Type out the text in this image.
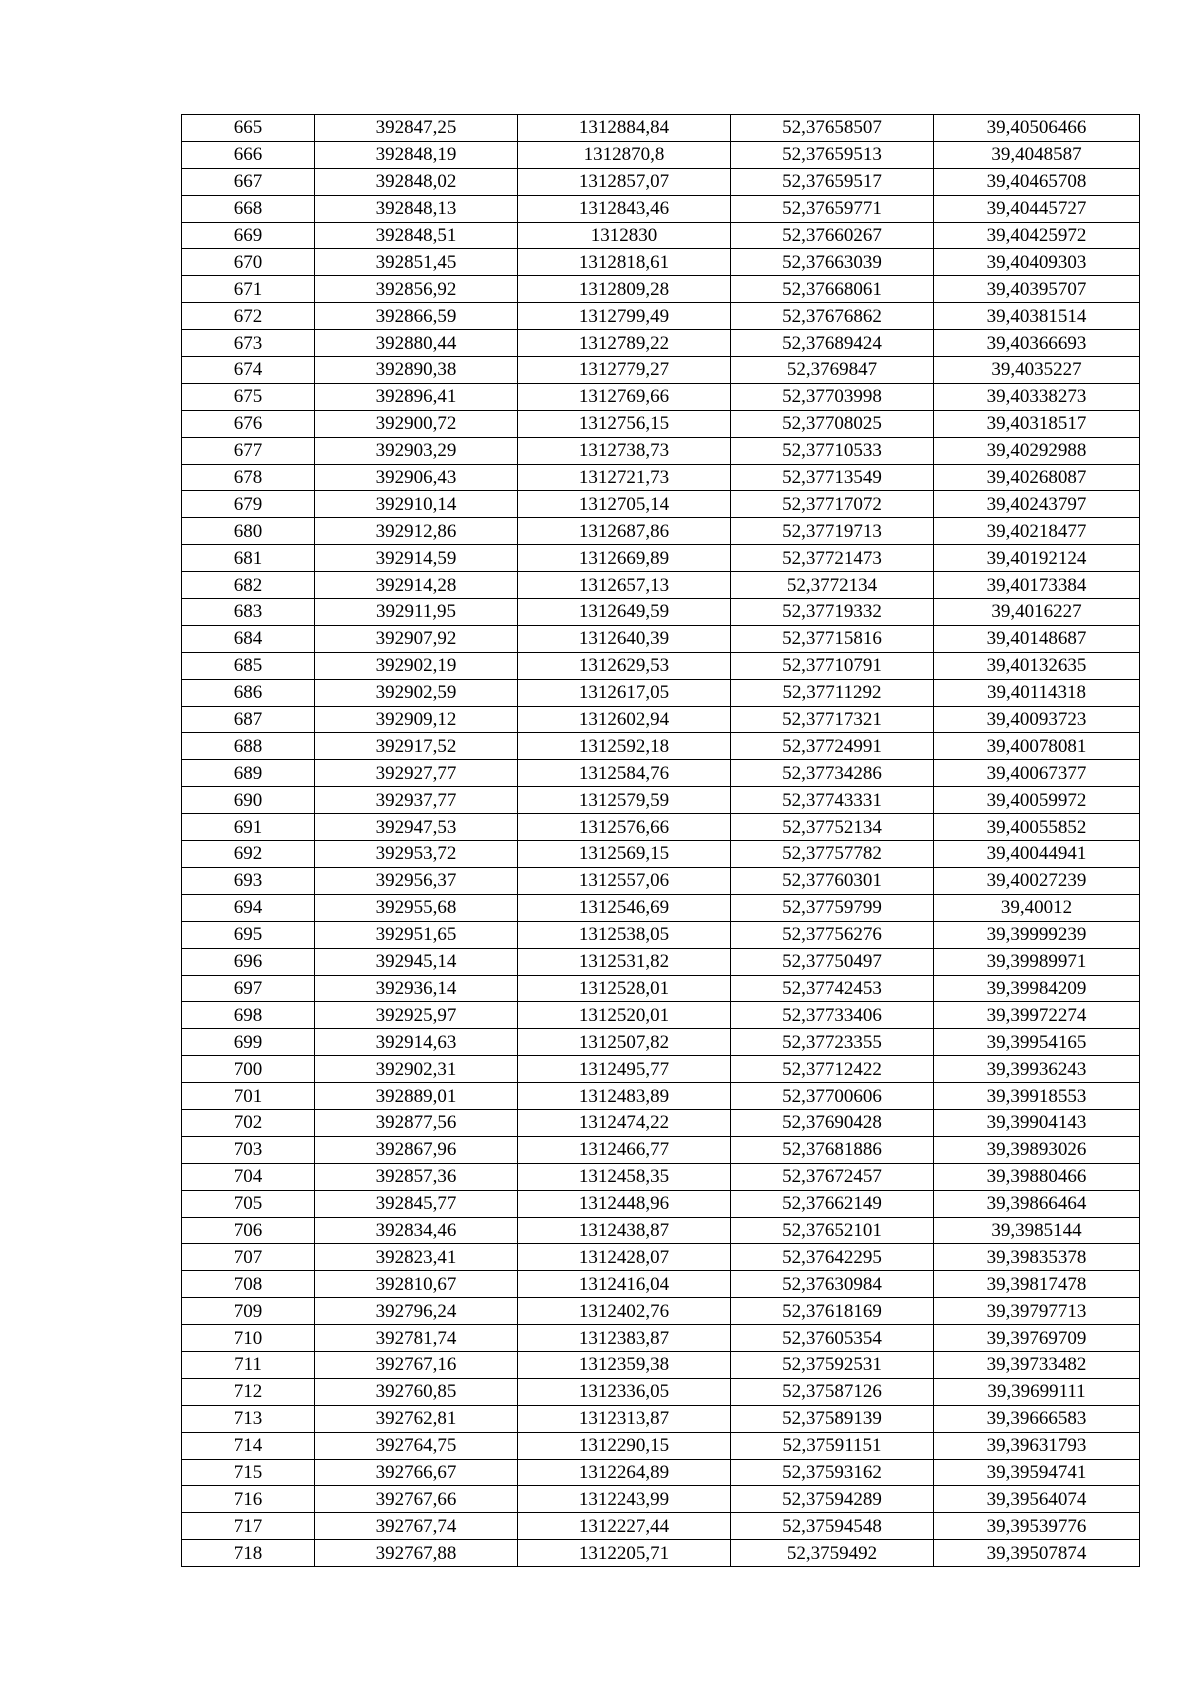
665	392847,25	1312884,84	52,37658507	39,40506466
666	392848,19	1312870,8	52,37659513	39,4048587
667	392848,02	1312857,07	52,37659517	39,40465708
668	392848,13	1312843,46	52,37659771	39,40445727
669	392848,51	1312830	52,37660267	39,40425972
670	392851,45	1312818,61	52,37663039	39,40409303
671	392856,92	1312809,28	52,37668061	39,40395707
672	392866,59	1312799,49	52,37676862	39,40381514
673	392880,44	1312789,22	52,37689424	39,40366693
674	392890,38	1312779,27	52,3769847	39,4035227
675	392896,41	1312769,66	52,37703998	39,40338273
676	392900,72	1312756,15	52,37708025	39,40318517
677	392903,29	1312738,73	52,37710533	39,40292988
678	392906,43	1312721,73	52,37713549	39,40268087
679	392910,14	1312705,14	52,37717072	39,40243797
680	392912,86	1312687,86	52,37719713	39,40218477
681	392914,59	1312669,89	52,37721473	39,40192124
682	392914,28	1312657,13	52,3772134	39,40173384
683	392911,95	1312649,59	52,37719332	39,4016227
684	392907,92	1312640,39	52,37715816	39,40148687
685	392902,19	1312629,53	52,37710791	39,40132635
686	392902,59	1312617,05	52,37711292	39,40114318
687	392909,12	1312602,94	52,37717321	39,40093723
688	392917,52	1312592,18	52,37724991	39,40078081
689	392927,77	1312584,76	52,37734286	39,40067377
690	392937,77	1312579,59	52,37743331	39,40059972
691	392947,53	1312576,66	52,37752134	39,40055852
692	392953,72	1312569,15	52,37757782	39,40044941
693	392956,37	1312557,06	52,37760301	39,40027239
694	392955,68	1312546,69	52,37759799	39,40012
695	392951,65	1312538,05	52,37756276	39,39999239
696	392945,14	1312531,82	52,37750497	39,39989971
697	392936,14	1312528,01	52,37742453	39,39984209
698	392925,97	1312520,01	52,37733406	39,39972274
699	392914,63	1312507,82	52,37723355	39,39954165
700	392902,31	1312495,77	52,37712422	39,39936243
701	392889,01	1312483,89	52,37700606	39,39918553
702	392877,56	1312474,22	52,37690428	39,39904143
703	392867,96	1312466,77	52,37681886	39,39893026
704	392857,36	1312458,35	52,37672457	39,39880466
705	392845,77	1312448,96	52,37662149	39,39866464
706	392834,46	1312438,87	52,37652101	39,3985144
707	392823,41	1312428,07	52,37642295	39,39835378
708	392810,67	1312416,04	52,37630984	39,39817478
709	392796,24	1312402,76	52,37618169	39,39797713
710	392781,74	1312383,87	52,37605354	39,39769709
711	392767,16	1312359,38	52,37592531	39,39733482
712	392760,85	1312336,05	52,37587126	39,39699111
713	392762,81	1312313,87	52,37589139	39,39666583
714	392764,75	1312290,15	52,37591151	39,39631793
715	392766,67	1312264,89	52,37593162	39,39594741
716	392767,66	1312243,99	52,37594289	39,39564074
717	392767,74	1312227,44	52,37594548	39,39539776
718	392767,88	1312205,71	52,3759492	39,39507874
